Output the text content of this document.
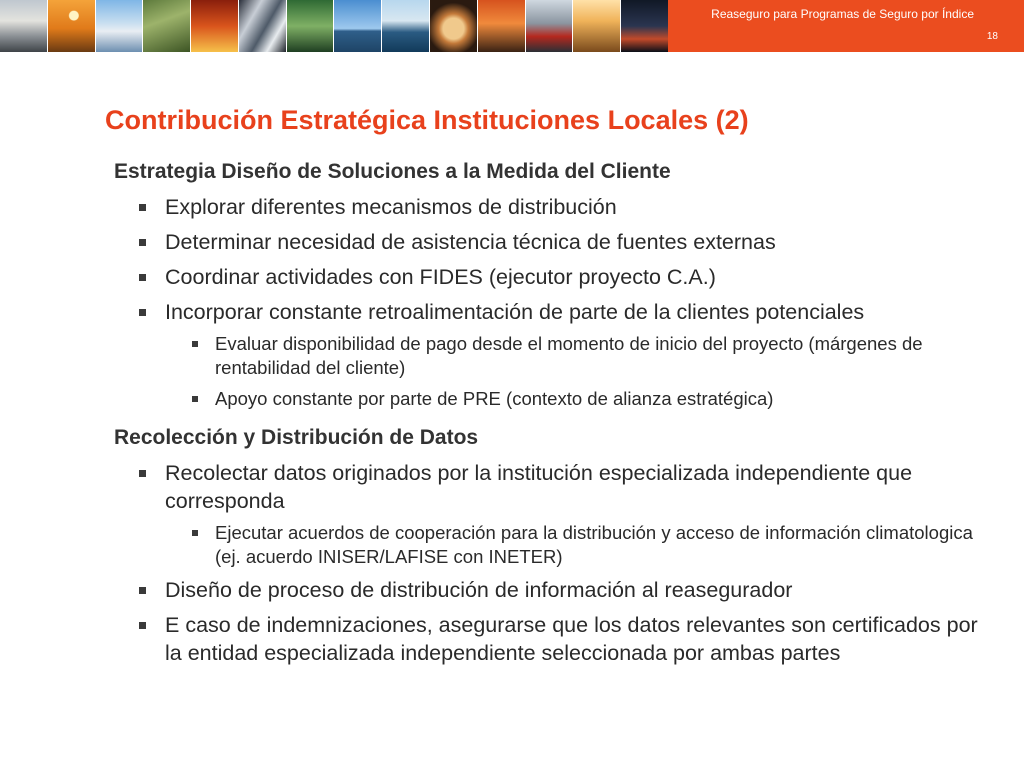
Reaseguro para Programas de Seguro por Índice
18
Contribución Estratégica Instituciones Locales (2)
Estrategia Diseño de Soluciones a la Medida del Cliente
Explorar diferentes mecanismos de distribución
Determinar necesidad de asistencia técnica de fuentes externas
Coordinar actividades con FIDES (ejecutor proyecto C.A.)
Incorporar constante retroalimentación de parte de la clientes potenciales
Evaluar disponibilidad de pago desde el momento de inicio del proyecto (márgenes de rentabilidad del cliente)
Apoyo constante por parte de PRE (contexto de alianza estratégica)
Recolección y Distribución de Datos
Recolectar datos originados por la institución especializada independiente que corresponda
Ejecutar acuerdos de cooperación para la distribución y acceso de información climatologica (ej. acuerdo INISER/LAFISE con INETER)
Diseño de proceso de distribución de información al reasegurador
E caso de indemnizaciones, asegurarse que los datos relevantes son certificados por la entidad especializada independiente seleccionada por ambas partes
